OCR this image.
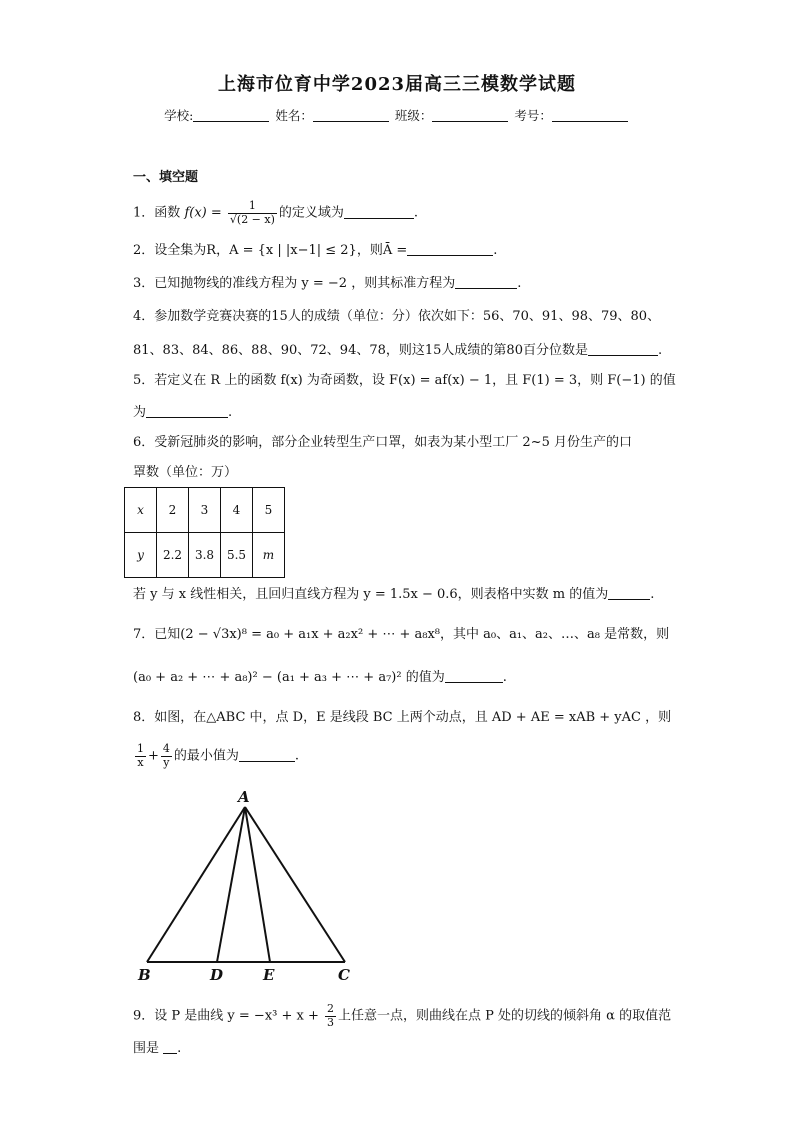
上海市位育中学2023届高三三模数学试题
学校:	姓名：	班级：	考号：
一、填空题
1．函数 $f(x) = \frac{1}{√(2 - x)}$ 的定义域为	.
2．设全集为R，A = {x | |x−1| ≤ 2}，则Ā =	.
3．已知抛物线的准线方程为 y = −2 ，则其标准方程为	.
4．参加数学竞赛决赛的15人的成绩（单位：分）依次如下：56、70、91、98、79、80、
81、83、84、86、88、90、72、94、78，则这15人成绩的第80百分位数是	.
5．若定义在 R 上的函数 f(x) 为奇函数，设 F(x) = af(x) − 1，且 F(1) = 3，则 F(−1) 的值
为	.
6．受新冠肺炎的影响，部分企业转型生产口罩，如表为某小型工厂 2~5 月份生产的口
罩数（单位：万）
x	2	3	4	5
y	2.2	3.8	5.5	m
若 y 与 x 线性相关，且回归直线方程为 y = 1.5x − 0.6，则表格中实数 m 的值为	.
7．已知(2 − √3x)⁸ = a₀ + a₁x + a₂x² + ⋯ + a₈x⁸，其中 a₀、a₁、a₂、…、a₈ 是常数，则
(a₀ + a₂ + ⋯ + a₈)² − (a₁ + a₃ + ⋯ + a₇)² 的值为	.
8．如图，在△ABC 中，点 D，E 是线段 BC 上两个动点，且 AD + AE = xAB + yAC ，则
$\frac{1}{x} + \frac{4}{y}$ 的最小值为	.
A
B	D	E	C
9．设 P 是曲线 $y = -x^3 + x + \frac{2}{3}$ 上任意一点，则曲线在点 P 处的切线的倾斜角 α 的取值范
围是 .
